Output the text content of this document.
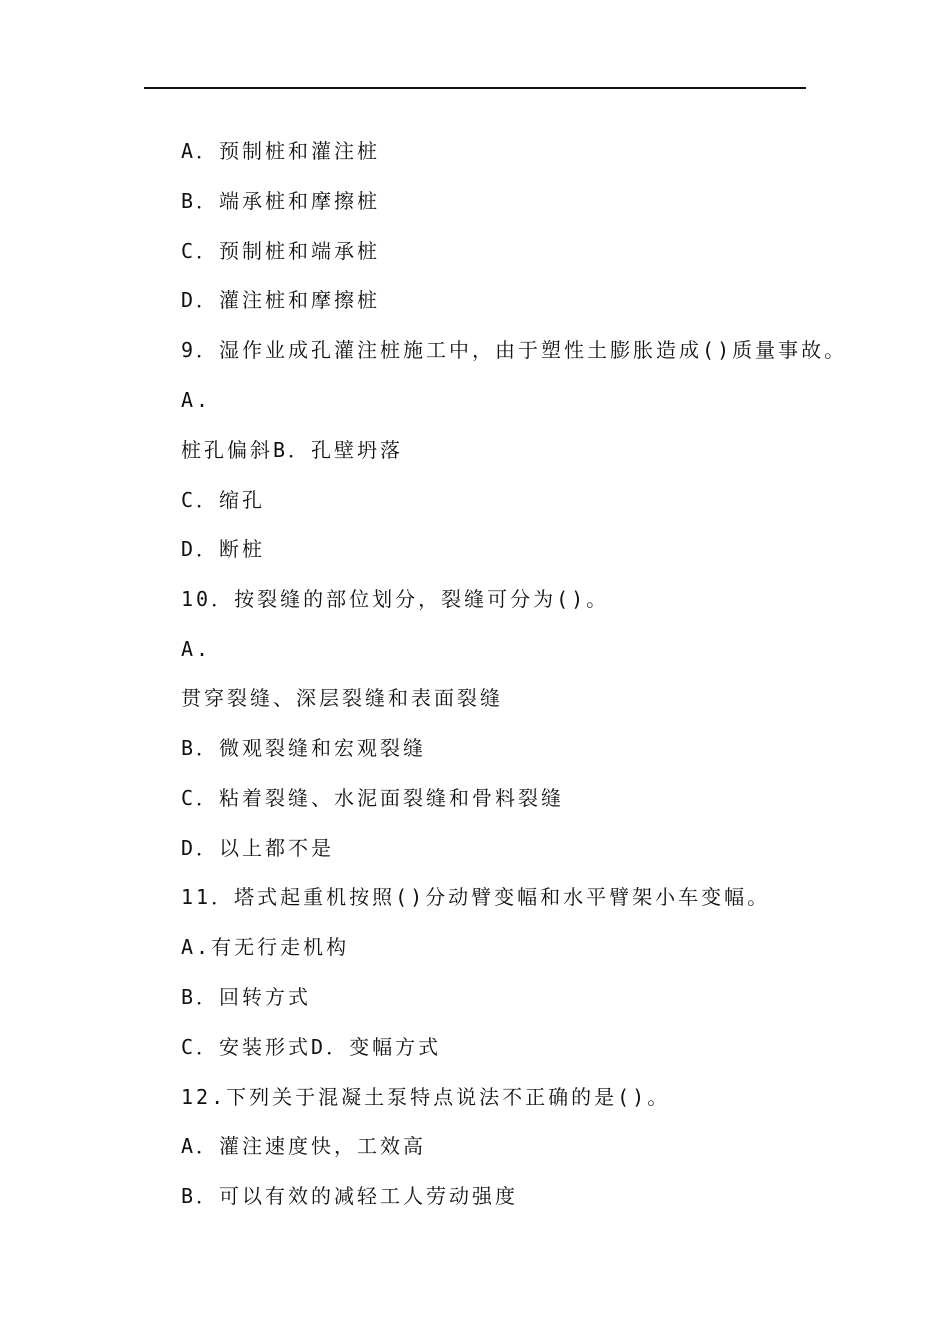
A．预制桩和灌注桩
B．端承桩和摩擦桩
C．预制桩和端承桩
D．灌注桩和摩擦桩
9．湿作业成孔灌注桩施工中，由于塑性土膨胀造成()质量事故。
A.
桩孔偏斜B．孔壁坍落
C．缩孔
D．断桩
10．按裂缝的部位划分，裂缝可分为()。
A.
贯穿裂缝、深层裂缝和表面裂缝
B．微观裂缝和宏观裂缝
C．粘着裂缝、水泥面裂缝和骨料裂缝
D．以上都不是
11．塔式起重机按照()分动臂变幅和水平臂架小车变幅。
A.有无行走机构
B．回转方式
C．安装形式D．变幅方式
12.下列关于混凝土泵特点说法不正确的是()。
A．灌注速度快，工效高
B．可以有效的减轻工人劳动强度
